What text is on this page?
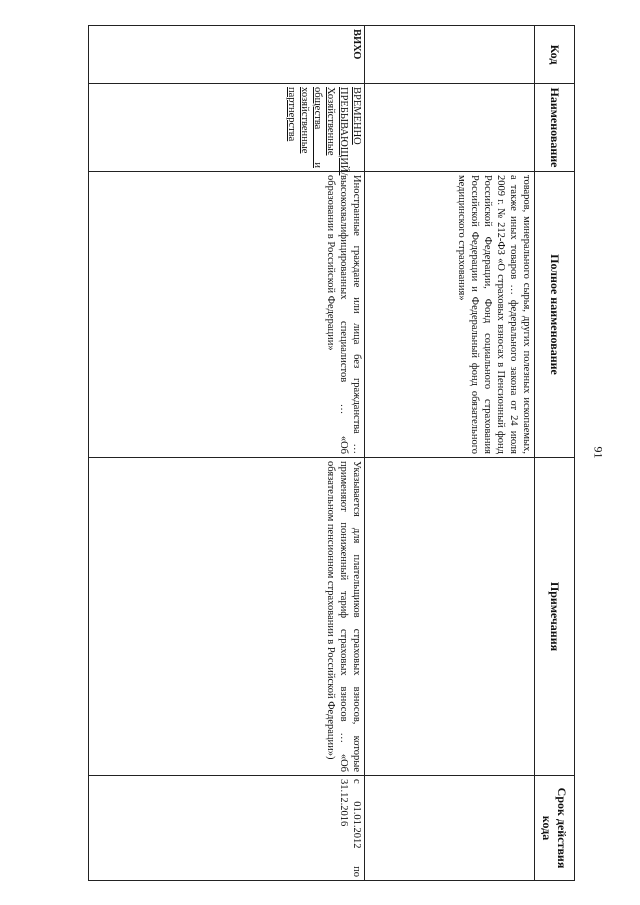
91
Код	Наименование	Полное наименование	Примечания	Срок действия кода
		товаров, минерального сырья, других полезных ископаемых, а также иных товаров … федерального закона от 24 июля 2009 г. № 212-ФЗ «О страховых взносах в Пенсионный фонд Российской Федерации, Фонд социального страхования Российской Федерации и Федеральный фонд обязательного медицинского страхования»		
ВИХО	ВРЕМЕННО ПРЕБЫВАЮЩИЙ/ Хозяйственные общества и хозяйственные партнерства	Иностранные граждане или лица без гражданства … высококвалифицированных специалистов … «Об образовании в Российской Федерации»	Указывается для плательщиков страховых взносов, которые применяют пониженный тариф страховых взносов … «Об обязательном пенсионном страховании в Российской Федерации»)	с 01.01.2012 по 31.12.2016
